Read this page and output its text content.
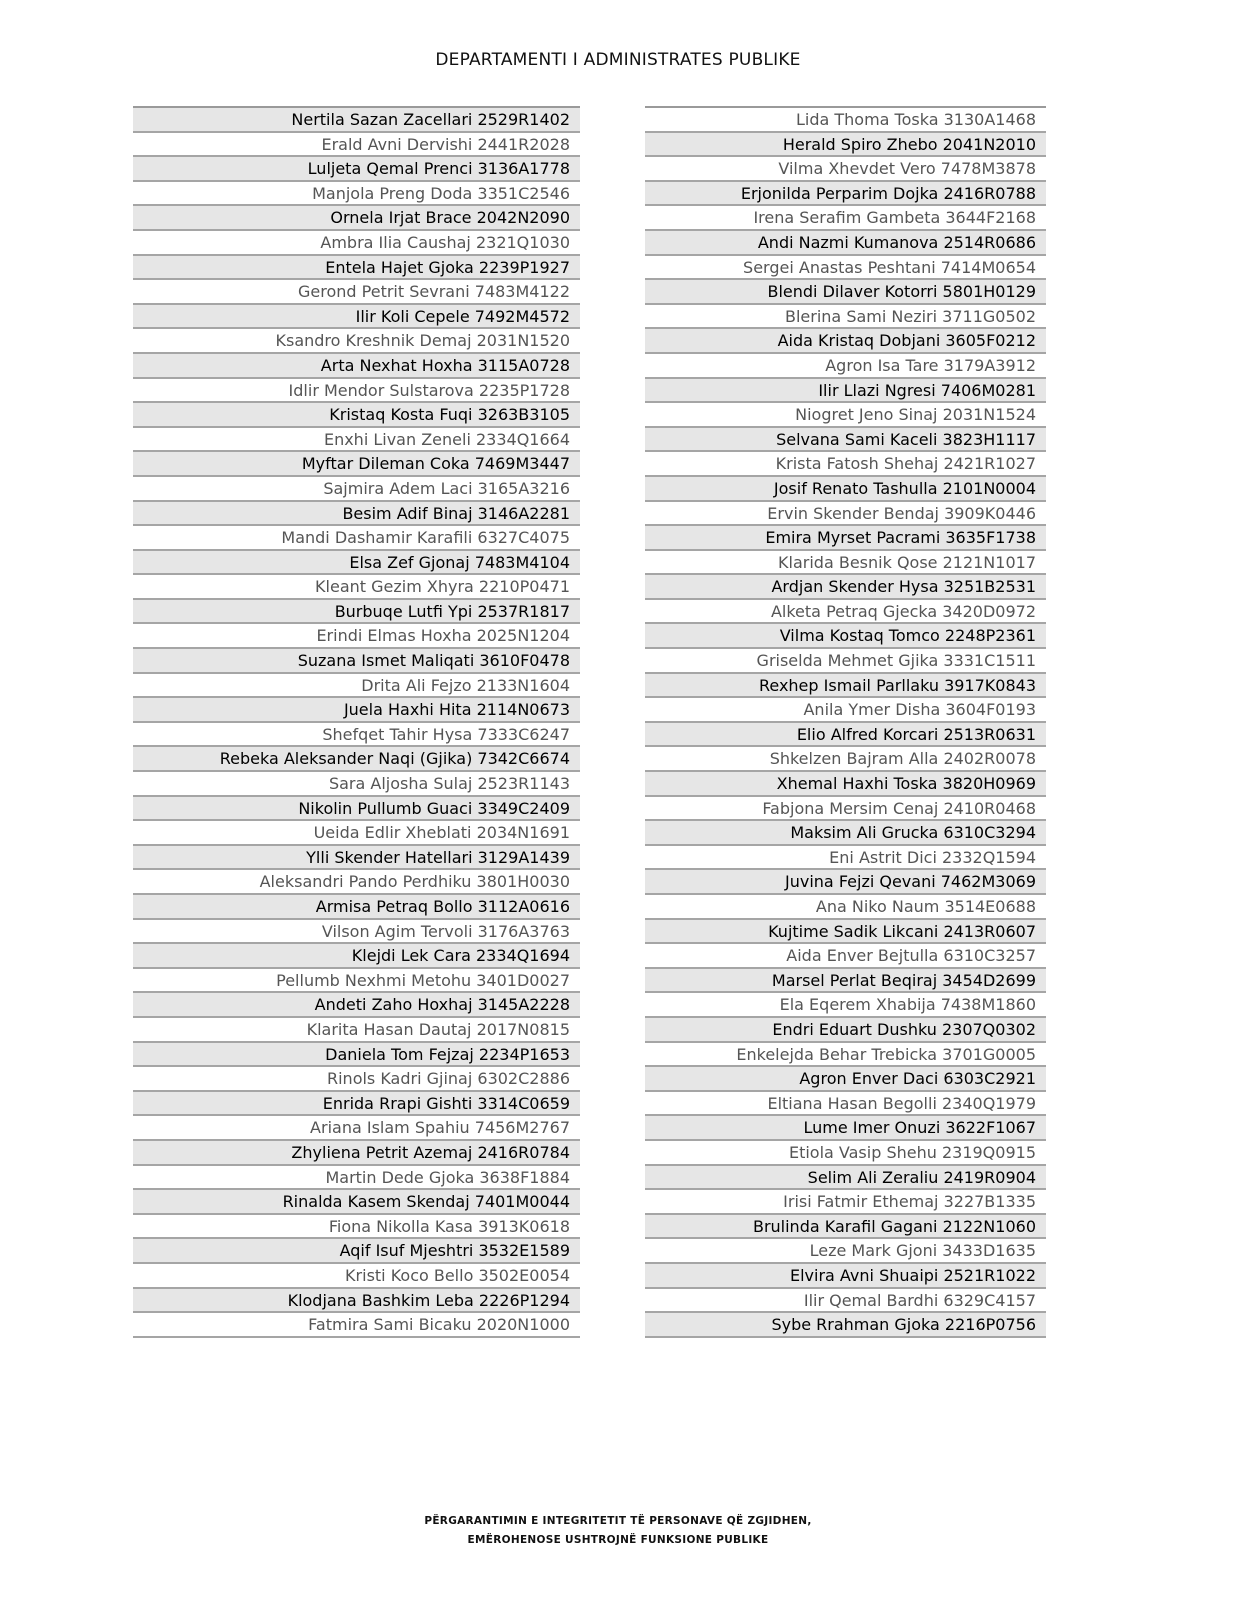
DEPARTAMENTI I ADMINISTRATES PUBLIKE
Nertila Sazan Zacellari 2529R1402
Erald Avni Dervishi 2441R2028
Luljeta Qemal Prenci 3136A1778
Manjola Preng Doda 3351C2546
Ornela Irjat Brace 2042N2090
Ambra Ilia Caushaj 2321Q1030
Entela Hajet Gjoka 2239P1927
Gerond Petrit Sevrani 7483M4122
Ilir Koli Cepele 7492M4572
Ksandro Kreshnik Demaj 2031N1520
Arta Nexhat Hoxha 3115A0728
Idlir Mendor Sulstarova 2235P1728
Kristaq Kosta Fuqi 3263B3105
Enxhi Livan Zeneli 2334Q1664
Myftar Dileman Coka 7469M3447
Sajmira Adem Laci 3165A3216
Besim Adif Binaj 3146A2281
Mandi Dashamir Karafili 6327C4075
Elsa Zef Gjonaj 7483M4104
Kleant Gezim Xhyra 2210P0471
Burbuqe Lutfi Ypi 2537R1817
Erindi Elmas Hoxha 2025N1204
Suzana Ismet Maliqati 3610F0478
Drita Ali Fejzo 2133N1604
Juela Haxhi Hita 2114N0673
Shefqet Tahir Hysa 7333C6247
Rebeka Aleksander Naqi (Gjika) 7342C6674
Sara Aljosha Sulaj 2523R1143
Nikolin Pullumb Guaci 3349C2409
Ueida Edlir Xheblati 2034N1691
Ylli Skender Hatellari 3129A1439
Aleksandri Pando Perdhiku 3801H0030
Armisa Petraq Bollo 3112A0616
Vilson Agim Tervoli 3176A3763
Klejdi Lek Cara 2334Q1694
Pellumb Nexhmi Metohu 3401D0027
Andeti Zaho Hoxhaj 3145A2228
Klarita Hasan Dautaj 2017N0815
Daniela Tom Fejzaj 2234P1653
Rinols Kadri Gjinaj 6302C2886
Enrida Rrapi Gishti 3314C0659
Ariana Islam Spahiu 7456M2767
Zhyliena Petrit Azemaj 2416R0784
Martin Dede Gjoka 3638F1884
Rinalda Kasem Skendaj 7401M0044
Fiona Nikolla Kasa 3913K0618
Aqif Isuf Mjeshtri 3532E1589
Kristi Koco Bello 3502E0054
Klodjana Bashkim Leba 2226P1294
Fatmira Sami Bicaku 2020N1000
Lida Thoma Toska 3130A1468
Herald Spiro Zhebo 2041N2010
Vilma Xhevdet Vero 7478M3878
Erjonilda Perparim Dojka 2416R0788
Irena Serafim Gambeta 3644F2168
Andi Nazmi Kumanova 2514R0686
Sergei Anastas Peshtani 7414M0654
Blendi Dilaver Kotorri 5801H0129
Blerina Sami Neziri 3711G0502
Aida Kristaq Dobjani 3605F0212
Agron Isa Tare 3179A3912
Ilir Llazi Ngresi 7406M0281
Niogret Jeno Sinaj 2031N1524
Selvana Sami Kaceli 3823H1117
Krista Fatosh Shehaj 2421R1027
Josif Renato Tashulla 2101N0004
Ervin Skender Bendaj 3909K0446
Emira Myrset Pacrami 3635F1738
Klarida Besnik Qose 2121N1017
Ardjan Skender Hysa 3251B2531
Alketa Petraq Gjecka 3420D0972
Vilma Kostaq Tomco 2248P2361
Griselda Mehmet Gjika 3331C1511
Rexhep Ismail Parllaku 3917K0843
Anila Ymer Disha 3604F0193
Elio Alfred Korcari 2513R0631
Shkelzen Bajram Alla 2402R0078
Xhemal Haxhi Toska 3820H0969
Fabjona Mersim Cenaj 2410R0468
Maksim Ali Grucka 6310C3294
Eni Astrit Dici 2332Q1594
Juvina Fejzi Qevani 7462M3069
Ana Niko Naum 3514E0688
Kujtime Sadik Likcani 2413R0607
Aida Enver Bejtulla 6310C3257
Marsel Perlat Beqiraj 3454D2699
Ela Eqerem Xhabija 7438M1860
Endri Eduart Dushku 2307Q0302
Enkelejda Behar Trebicka 3701G0005
Agron Enver Daci 6303C2921
Eltiana Hasan Begolli 2340Q1979
Lume Imer Onuzi 3622F1067
Etiola Vasip Shehu 2319Q0915
Selim Ali Zeraliu 2419R0904
Irisi Fatmir Ethemaj 3227B1335
Brulinda Karafil Gagani 2122N1060
Leze Mark Gjoni 3433D1635
Elvira Avni Shuaipi 2521R1022
Ilir Qemal Bardhi 6329C4157
Sybe Rrahman Gjoka 2216P0756
PËRGARANTIMIN E INTEGRITETIT TË PERSONAVE QË ZGJIDHEN,
EMËROHENOSE USHTROJNË FUNKSIONE PUBLIKE
